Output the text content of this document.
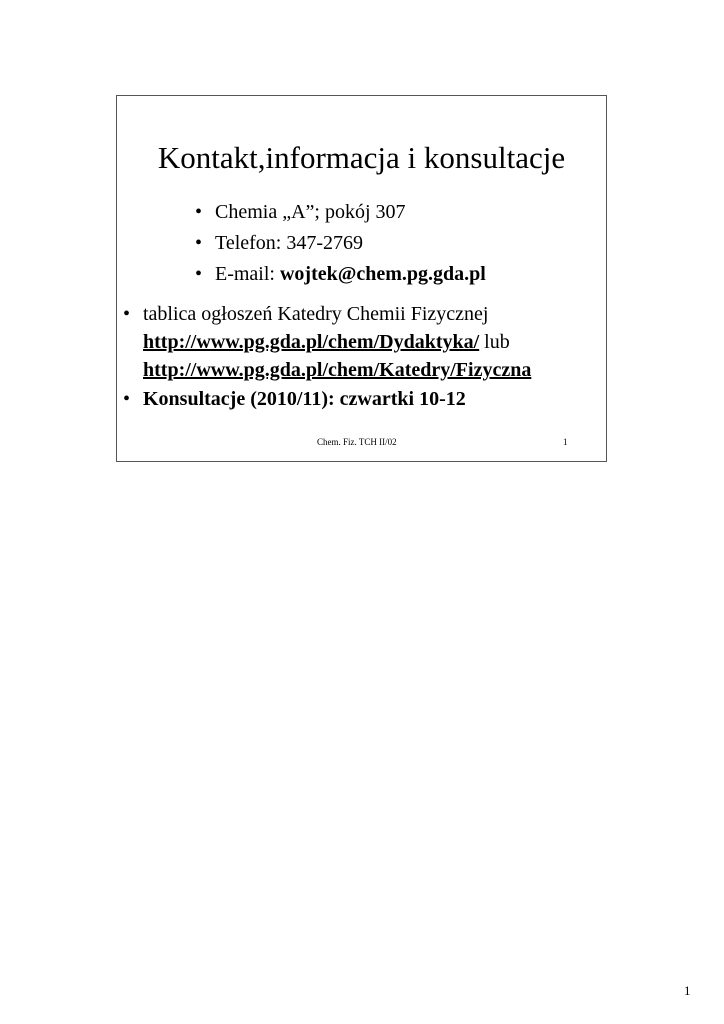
Kontakt,informacja i konsultacje
• Chemia „A”; pokój 307
• Telefon: 347-2769
• E-mail: wojtek@chem.pg.gda.pl
• tablica ogłoszeń Katedry Chemii Fizycznej
http://www.pg.gda.pl/chem/Dydaktyka/ lub
http://www.pg.gda.pl/chem/Katedry/Fizyczna
• Konsultacje (2010/11): czwartki 10-12
Chem. Fiz. TCH II/02	1
1
